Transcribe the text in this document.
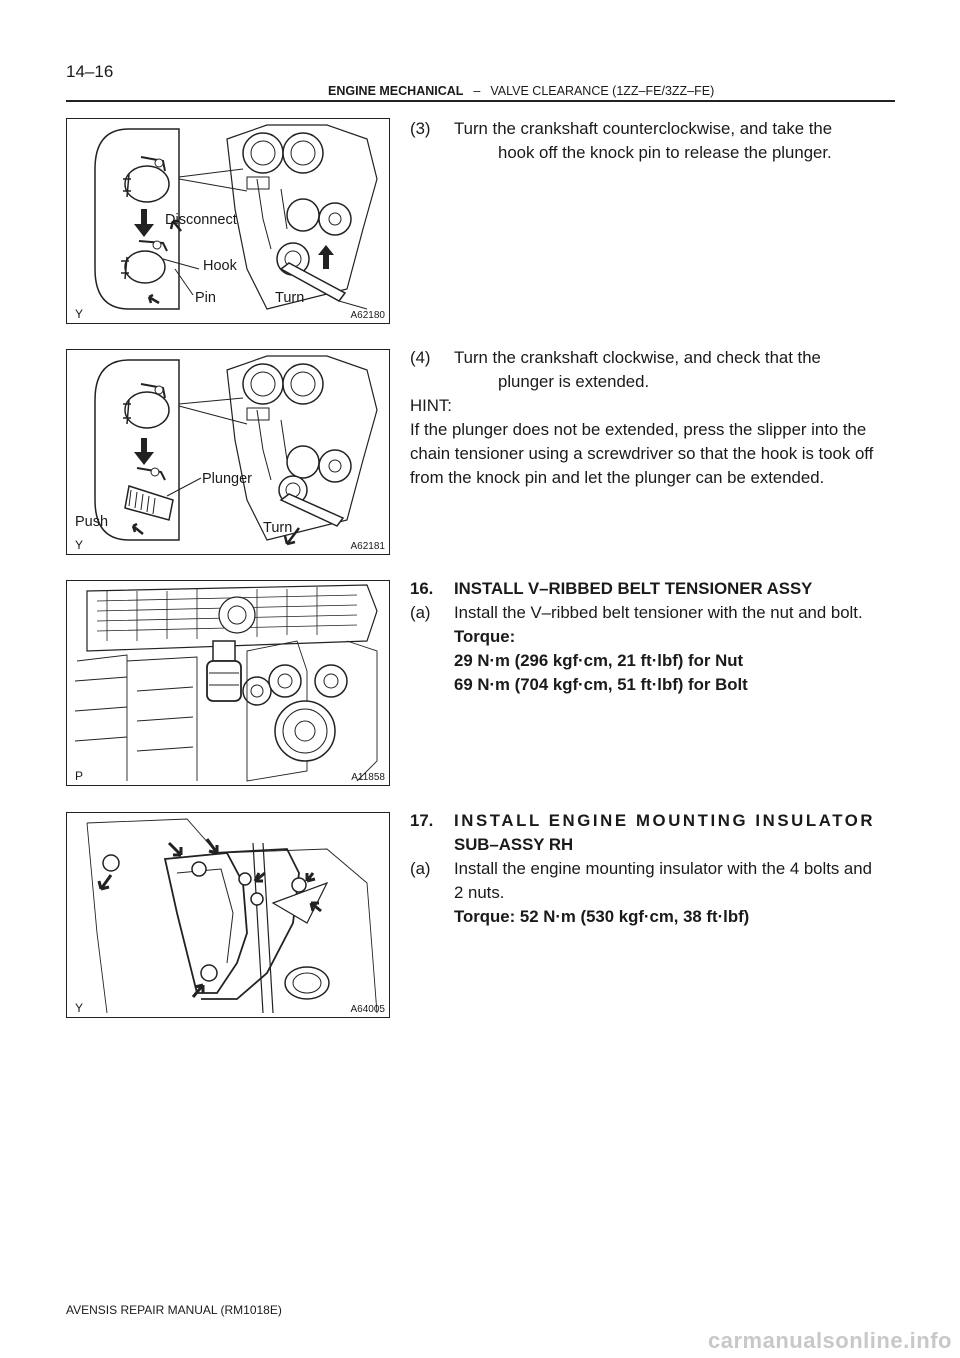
14–16
ENGINE MECHANICAL – VALVE CLEARANCE (1ZZ–FE/3ZZ–FE)
Disconnect
Hook
Pin	Turn
Y	A62180
Plunger
Push	Turn
Y	A62181
P	A11858
Y	A64005
(3) Turn the crankshaft counterclockwise, and take the
hook off the knock pin to release the plunger.
(4) Turn the crankshaft clockwise, and check that the
plunger is extended.
HINT:
If the plunger does not be extended, press the slipper into the
chain tensioner using a screwdriver so that the hook is took off
from the knock pin and let the plunger can be extended.
16. INSTALL V–RIBBED BELT TENSIONER ASSY
(a) Install the V–ribbed belt tensioner with the nut and bolt.
Torque:
29 N·m (296 kgf·cm, 21 ft·lbf) for Nut
69 N·m (704 kgf·cm, 51 ft·lbf) for Bolt
17. INSTALL ENGINE MOUNTING INSULATOR
SUB–ASSY RH
(a) Install the engine mounting insulator with the 4 bolts and
2 nuts.
Torque: 52 N·m (530 kgf·cm, 38 ft·lbf)
AVENSIS REPAIR MANUAL (RM1018E)
carmanualsonline.info
